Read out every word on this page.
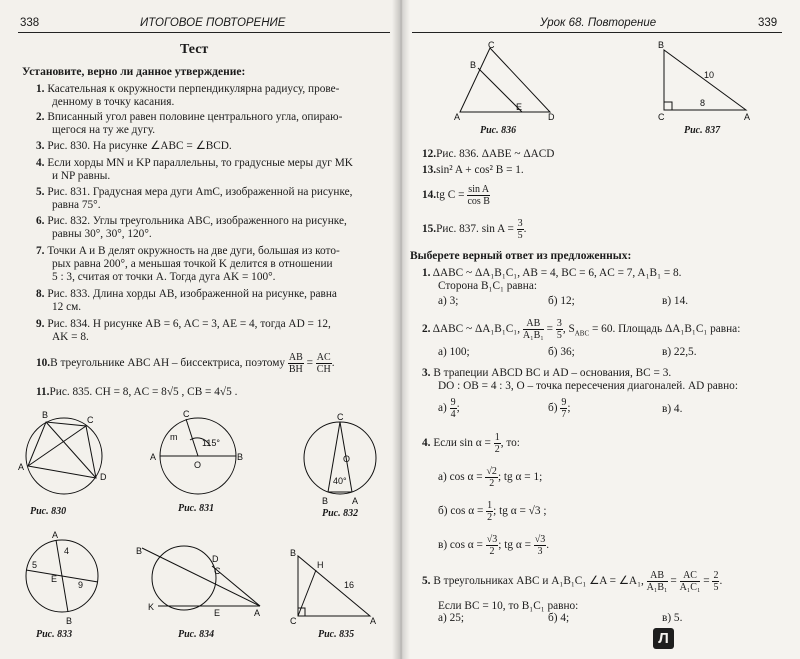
338	ИТОГОВОЕ ПОВТОРЕНИЕ
Тест
Установите, верно ли данное утверждение:
1. Касательная к окружности перпендикулярна радиусу, прове-
денному в точку касания.
2. Вписанный угол равен половине центрального угла, опираю-
щегося на ту же дугу.
3. Рис. 830. На рисунке ∠ABC = ∠BCD.
4. Если хорды MN и KP параллельны, то градусные меры дуг MK
и NP равны.
5. Рис. 831. Градусная мера дуги AmC, изображенной на рисунке,
равна 75°.
6. Рис. 832. Углы треугольника ABC, изображенного на рисунке,
равны 30°, 30°, 120°.
7. Точки A и B делят окружность на две дуги, большая из кото-
рых равна 200°, а меньшая точкой K делится в отношении
5 : 3, считая от точки A. Тогда дуга AK = 100°.
8. Рис. 833. Длина хорды AB, изображенной на рисунке, равна
12 см.
9. Рис. 834. Н рисунке AB = 6, AC = 3, AE = 4, тогда AD = 12,
AK = 8.
10.В треугольнике ABC AH – биссектриса, поэтому $\frac{AB}{BH} = \frac{AC}{CH}$ .
11.Рис. 835. CH = 8, AC = 8√5 , CB = 4√5 .
B	C
D
A
Рис. 830
C
m
115°
A
O
B
Рис. 831
C
O
40°
B	A
Рис. 832
A
4
5
E
9
B
Рис. 833
B
C
D
K
E	A
Рис. 834
B
H
16
C	A
Рис. 835
Урок 68. Повторение	339
C
B
A
E
D
Рис. 836
B
10
8
C	A
Рис. 837
12.Рис. 836. ΔABE ~ ΔACD
13.sin² A + cos² B = 1.
14.tg $C = \frac{\text{sin A}}{\text{cos B}}$
15.Рис. 837. $\sin A = \frac{3}{5}$ .
Выберете верный ответ из предложенных:
1. ΔABC ~ ΔA₁B₁C₁, AB = 4, BC = 6, AC = 7, A₁B₁ = 8.
Сторона B₁C₁ равна:
а) 3;	б) 12;	в) 14.
2. ΔABC ~ ΔA₁B₁C₁, $\frac{AB}{\text{A₁B₁}} = \frac{3}{5}$ , $S_{ABC} = 60$. Площадь ΔA₁B₁C₁ равна:
а) 100;	б) 36;	в) 22,5.
3. В трапеции ABCD BC и AD – основания, BC = 3.
DO : OB = 4 : 3, O – точка пересечения диагоналей. AD равно:
$а) \frac{9}{4}$ ;	$б) \frac{9}{7}$ ;	в) 4.
4. Если $\sin \alpha = \frac{1}{2}$ , то:
а) $\cos \alpha = \frac{√2}{2}$ ; tg α = 1;
б) $\cos \alpha = \frac{1}{2}$ ; tg α = √3 ;
в) $\cos \alpha = \frac{√3}{2}$ ; tg $\alpha = \frac{√3}{3}$ .
5. В треугольниках ABC и A₁B₁C₁ ∠A = ∠A₁, $\frac{AB}{\text{A₁B₁}} = \frac{AC}{\text{A₁C₁}} = \frac{2}{5}$ .
Если BC = 10, то B₁C₁ равно:
а) 25;	б) 4;	в) 5.
Л
